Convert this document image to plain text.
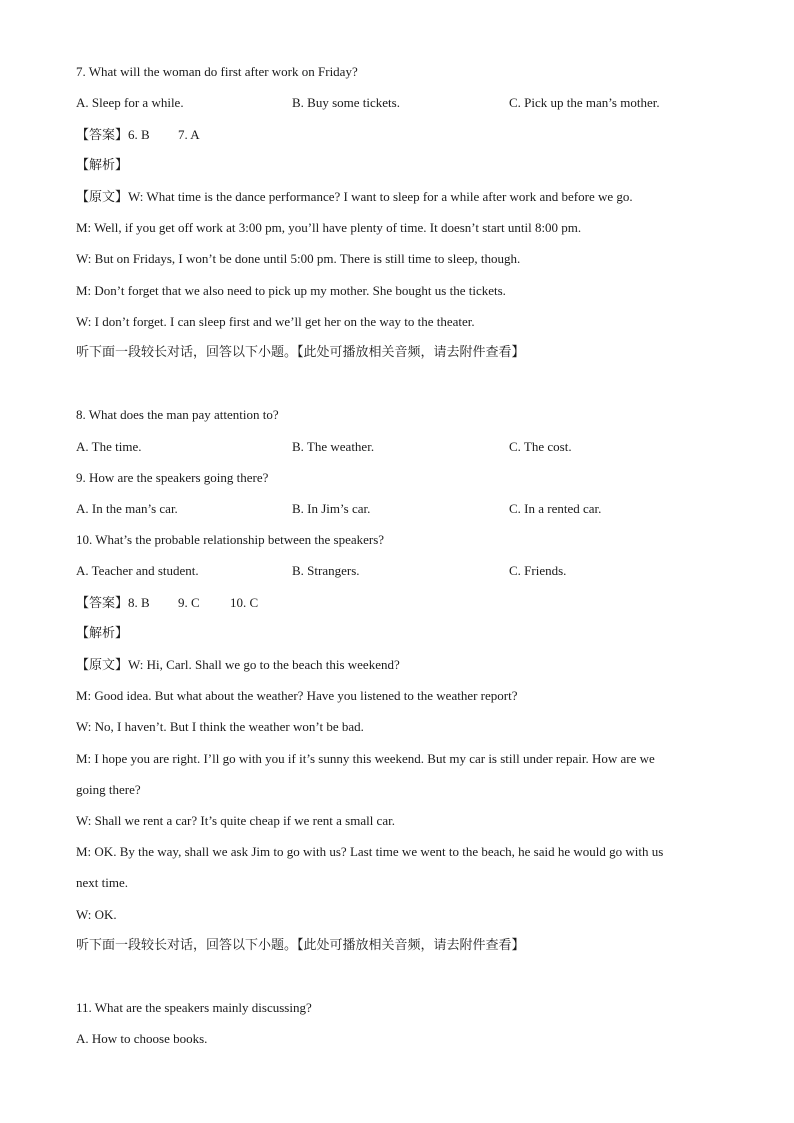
7. What will the woman do first after work on Friday?
A. Sleep for a while.	B. Buy some tickets.	C. Pick up the man’s mother.
【答案】6. B 7. A
【解析】
【原文】W: What time is the dance performance? I want to sleep for a while after work and before we go.
M: Well, if you get off work at 3:00 pm, you’ll have plenty of time. It doesn’t start until 8:00 pm.
W: But on Fridays, I won’t be done until 5:00 pm. There is still time to sleep, though.
M: Don’t forget that we also need to pick up my mother. She bought us the tickets.
W: I don’t forget. I can sleep first and we’ll get her on the way to the theater.
听下面一段较长对话，回答以下小题。【此处可播放相关音频，请去附件查看】
8. What does the man pay attention to?
A. The time.	B. The weather.	C. The cost.
9. How are the speakers going there?
A. In the man’s car.	B. In Jim’s car.	C. In a rented car.
10. What’s the probable relationship between the speakers?
A. Teacher and student.	B. Strangers.	C. Friends.
【答案】8. B 9. C 10. C
【解析】
【原文】W: Hi, Carl. Shall we go to the beach this weekend?
M: Good idea. But what about the weather? Have you listened to the weather report?
W: No, I haven’t. But I think the weather won’t be bad.
M: I hope you are right. I’ll go with you if it’s sunny this weekend. But my car is still under repair. How are we
going there?
W: Shall we rent a car? It’s quite cheap if we rent a small car.
M: OK. By the way, shall we ask Jim to go with us? Last time we went to the beach, he said he would go with us
next time.
W: OK.
听下面一段较长对话，回答以下小题。【此处可播放相关音频，请去附件查看】
11. What are the speakers mainly discussing?
A. How to choose books.
